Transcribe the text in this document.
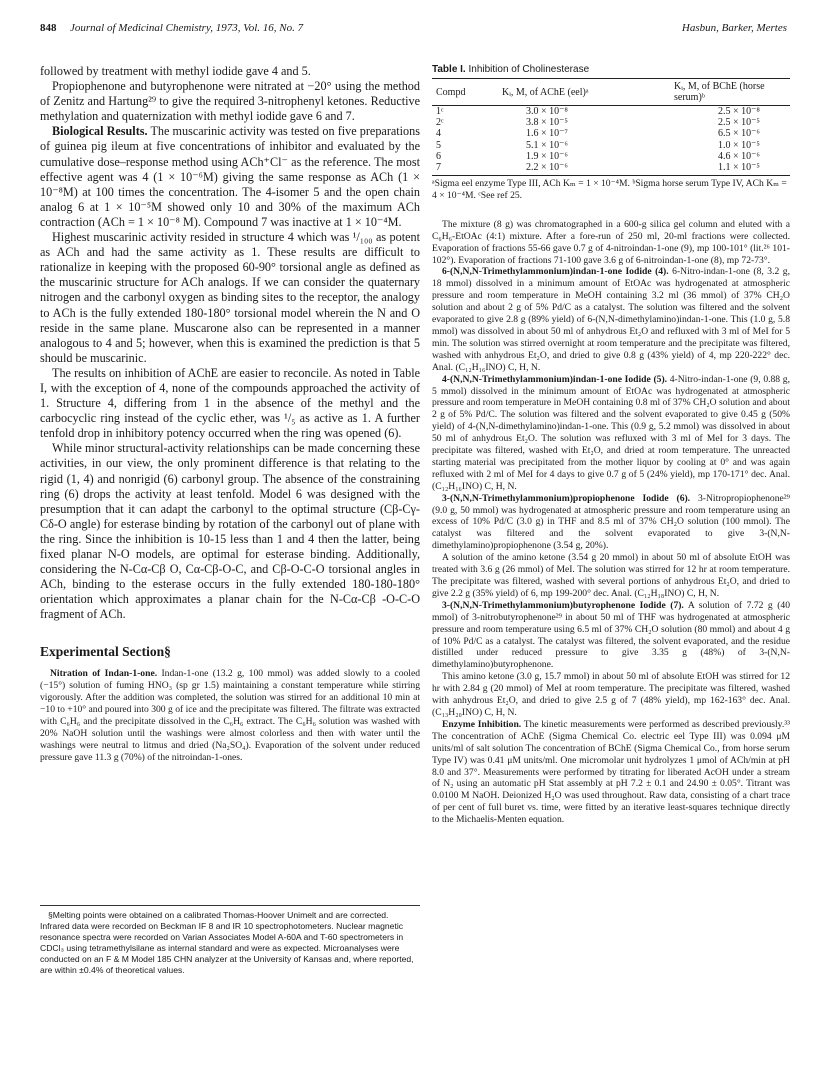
848 Journal of Medicinal Chemistry, 1973, Vol. 16, No. 7	Hasbun, Barker, Mertes

followed by treatment with methyl iodide gave 4 and 5.

Propiophenone and butyrophenone were nitrated at −20° using the method of Zenitz and Hartung²⁹ to give the required 3-nitrophenyl ketones. Reductive methylation and quaternization with methyl iodide gave 6 and 7.

Biological Results. The muscarinic activity was tested on five preparations of guinea pig ileum at five concentrations of inhibitor and evaluated by the cumulative dose–response method using ACh⁺Cl⁻ as the reference. The most effective agent was 4 (1 × 10⁻⁶M) giving the same response as ACh (1 × 10⁻⁸M) at 100 times the concentration. The 4-isomer 5 and the open chain analog 6 at 1 × 10⁻⁵M showed only 10 and 30% of the maximum ACh contraction (ACh = 1 × 10⁻⁸ M). Compound 7 was inactive at 1 × 10⁻⁴M.

Highest muscarinic activity resided in structure 4 which was ¹/₁₀₀ as potent as ACh and had the same activity as 1. These results are difficult to rationalize in keeping with the proposed 60-90° torsional angle as defined as the muscarinic structure for ACh analogs. If we can consider the quaternary nitrogen and the carbonyl oxygen as binding sites to the receptor, the analogy to ACh is the fully extended 180-180° torsional model wherein the N and O reside in the same plane. Muscarone also can be represented in a manner analogous to 4 and 5; however, when this is examined the prediction is that 5 should be muscarinic.

The results on inhibition of AChE are easier to reconcile. As noted in Table I, with the exception of 4, none of the compounds approached the activity of 1. Structure 4, differing from 1 in the absence of the methyl and the carbocyclic ring instead of the cyclic ether, was ¹/₅ as active as 1. A further tenfold drop in inhibitory potency occurred when the ring was opened (6).

While minor structural-activity relationships can be made concerning these activities, in our view, the only prominent difference is that relating to the rigid (1, 4) and nonrigid (6) carbonyl group. The absence of the constraining ring (6) drops the activity at least tenfold. Model 6 was designed with the presumption that it can adapt the carbonyl to the optimal structure (Cβ-Cγ-Cδ-O angle) for esterase binding by rotation of the carbonyl out of plane with the ring. Since the inhibition is 10-15 less than 1 and 4 then the latter, being fixed planar N-O models, are optimal for esterase binding. Additionally, considering the N-Cα-Cβ O, Cα-Cβ-O-C, and Cβ-O-C-O torsional angles in ACh, binding to the esterase occurs in the fully extended 180-180-180° orientation which approximates a planar chain for the N-Cα-Cβ -O-C-O fragment of ACh.

Experimental Section§

Nitration of Indan-1-one. Indan-1-one (13.2 g, 100 mmol) was added slowly to a cooled (−15°) solution of fuming HNO₃ (sp gr 1.5) maintaining a constant temperature while stirring vigorously. After the addition was completed, the solution was stirred for an additional 10 min at −10 to +10° and poured into 300 g of ice and the precipitate was filtered. The filtrate was extracted with C₆H₆ and the precipitate dissolved in the C₆H₆ extract. The C₆H₆ solution was washed with 20% NaOH solution until the washings were almost colorless and then with water until the washings were neutral to litmus and dried (Na₂SO₄). Evaporation of the solvent under reduced pressure gave 11.3 g (70%) of the nitroindan-1-ones.

§Melting points were obtained on a calibrated Thomas-Hoover Unimelt and are corrected. Infrared data were recorded on Beckman IF 8 and IR 10 spectrophotometers. Nuclear magnetic resonance spectra were recorded on Varian Associates Model A-60A and T-60 spectrometers in CDCl₃ using tetramethylsilane as internal standard and were as expected. Microanalyses were conducted on an F & M Model 185 CHN analyzer at the University of Kansas and, where reported, are within ±0.4% of theoretical values.

Table I. Inhibition of Cholinesterase
Compd	Kᵢ, M, of AChE (eel)ᵃ	Kᵢ, M, of BChE (horse serum)ᵇ
1ᶜ	3.0 × 10⁻⁸	2.5 × 10⁻⁸
2ᶜ	3.8 × 10⁻⁵	2.5 × 10⁻⁵
4	1.6 × 10⁻⁷	6.5 × 10⁻⁶
5	5.1 × 10⁻⁶	1.0 × 10⁻⁵
6	1.9 × 10⁻⁶	4.6 × 10⁻⁶
7	2.2 × 10⁻⁶	1.1 × 10⁻⁵

ᵃSigma eel enzyme Type III, ACh Kₘ = 1 × 10⁻⁴M. ᵇSigma horse serum Type IV, ACh Kₘ = 4 × 10⁻⁴M. ᶜSee ref 25.

The mixture (8 g) was chromatographed in a 600-g silica gel column and eluted with a C₆H₆-EtOAc (4:1) mixture. After a fore-run of 250 ml, 20-ml fractions were collected. Evaporation of fractions 55-66 gave 0.7 g of 4-nitroindan-1-one (9), mp 100-101° (lit.²⁶ 101-102°). Evaporation of fractions 71-100 gave 3.6 g of 6-nitroindan-1-one (8), mp 72-73°.

6-(N,N,N-Trimethylammonium)indan-1-one Iodide (4). 6-Nitro-indan-1-one (8, 3.2 g, 18 mmol) dissolved in a minimum amount of EtOAc was hydrogenated at atmospheric pressure and room temperature in MeOH containing 3.2 ml (36 mmol) of 37% CH₂O solution and about 2 g of 5% Pd/C as a catalyst. The solution was filtered and the solvent evaporated to give 2.8 g (89% yield) of 6-(N,N-dimethylamino)indan-1-one. This (1.0 g, 5.8 mmol) was dissolved in about 50 ml of anhydrous Et₂O and refluxed with 3 ml of MeI for 5 min. The solution was stirred overnight at room temperature and the precipitate was filtered, washed with anhydrous Et₂O, and dried to give 0.8 g (43% yield) of 4, mp 220-222° dec. Anal. (C₁₂H₁₆INO) C, H, N.

4-(N,N,N-Trimethylammonium)indan-1-one Iodide (5). 4-Nitro-indan-1-one (9, 0.88 g, 5 mmol) dissolved in the minimum amount of EtOAc was hydrogenated at atmospheric pressure and room temperature in MeOH containing 0.8 ml of 37% CH₂O solution and about 2 g of 5% Pd/C. The solution was filtered and the solvent evaporated to give 0.45 g (50% yield) of 4-(N,N-dimethylamino)indan-1-one. This (0.9 g, 5.2 mmol) was dissolved in about 50 ml of anhydrous Et₂O. The solution was refluxed with 3 ml of MeI for 3 days. The precipitate was filtered, washed with Et₂O, and dried at room temperature. The unreacted starting material was precipitated from the mother liquor by cooling at 0° and was again refluxed with 2 ml of MeI for 4 days to give 0.7 g of 5 (24% yield), mp 170-171° dec. Anal. (C₁₂H₁₆INO) C, H, N.

3-(N,N,N-Trimethylammonium)propiophenone Iodide (6). 3-Nitropropiophenone²⁹ (9.0 g, 50 mmol) was hydrogenated at atmospheric pressure and room temperature using an excess of 10% Pd/C (3.0 g) in THF and 8.5 ml of 37% CH₂O solution (100 mmol). The catalyst was filtered and the solvent evaporated to give 3-(N,N-dimethylamino)propiophenone (3.54 g, 20%).

A solution of the amino ketone (3.54 g 20 mmol) in about 50 ml of absolute EtOH was treated with 3.6 g (26 mmol) of MeI. The solution was stirred for 12 hr at room temperature. The precipitate was filtered, washed with several portions of anhydrous Et₂O, and dried to give 2.2 g (35% yield) of 6, mp 199-200° dec. Anal. (C₁₂H₁₈INO) C, H, N.

3-(N,N,N-Trimethylammonium)butyrophenone Iodide (7). A solution of 7.72 g (40 mmol) of 3-nitrobutyrophenone²⁹ in about 50 ml of THF was hydrogenated at atmospheric pressure and room temperature using 6.5 ml of 37% CH₂O solution (80 mmol) and about 4 g of 10% Pd/C as a catalyst. The catalyst was filtered, the solvent evaporated, and the residue distilled under reduced pressure to give 3.35 g (48%) of 3-(N,N-dimethylamino)butyrophenone.

This amino ketone (3.0 g, 15.7 mmol) in about 50 ml of absolute EtOH was stirred for 12 hr with 2.84 g (20 mmol) of MeI at room temperature. The precipitate was filtered, washed with anhydrous Et₂O, and dried to give 2.5 g of 7 (48% yield), mp 162-163° dec. Anal. (C₁₃H₂₀INO) C, H, N.

Enzyme Inhibition. The kinetic measurements were performed as described previously.³³ The concentration of AChE (Sigma Chemical Co. electric eel Type III) was 0.094 μM units/ml of salt solution The concentration of BChE (Sigma Chemical Co., from horse serum Type IV) was 0.41 μM units/ml. One micromolar unit hydrolyzes 1 μmol of ACh/min at pH 8.0 and 37°. Measurements were performed by titrating for liberated AcOH under a stream of N₂ using an automatic pH Stat assembly at pH 7.2 ± 0.1 and 24.90 ± 0.05°. Titrant was 0.0100 M NaOH. Deionized H₂O was used throughout. Raw data, consisting of a chart trace of per cent of full buret vs. time, were fitted by an iterative least-squares technique directly to the Michaelis-Menten equation.
